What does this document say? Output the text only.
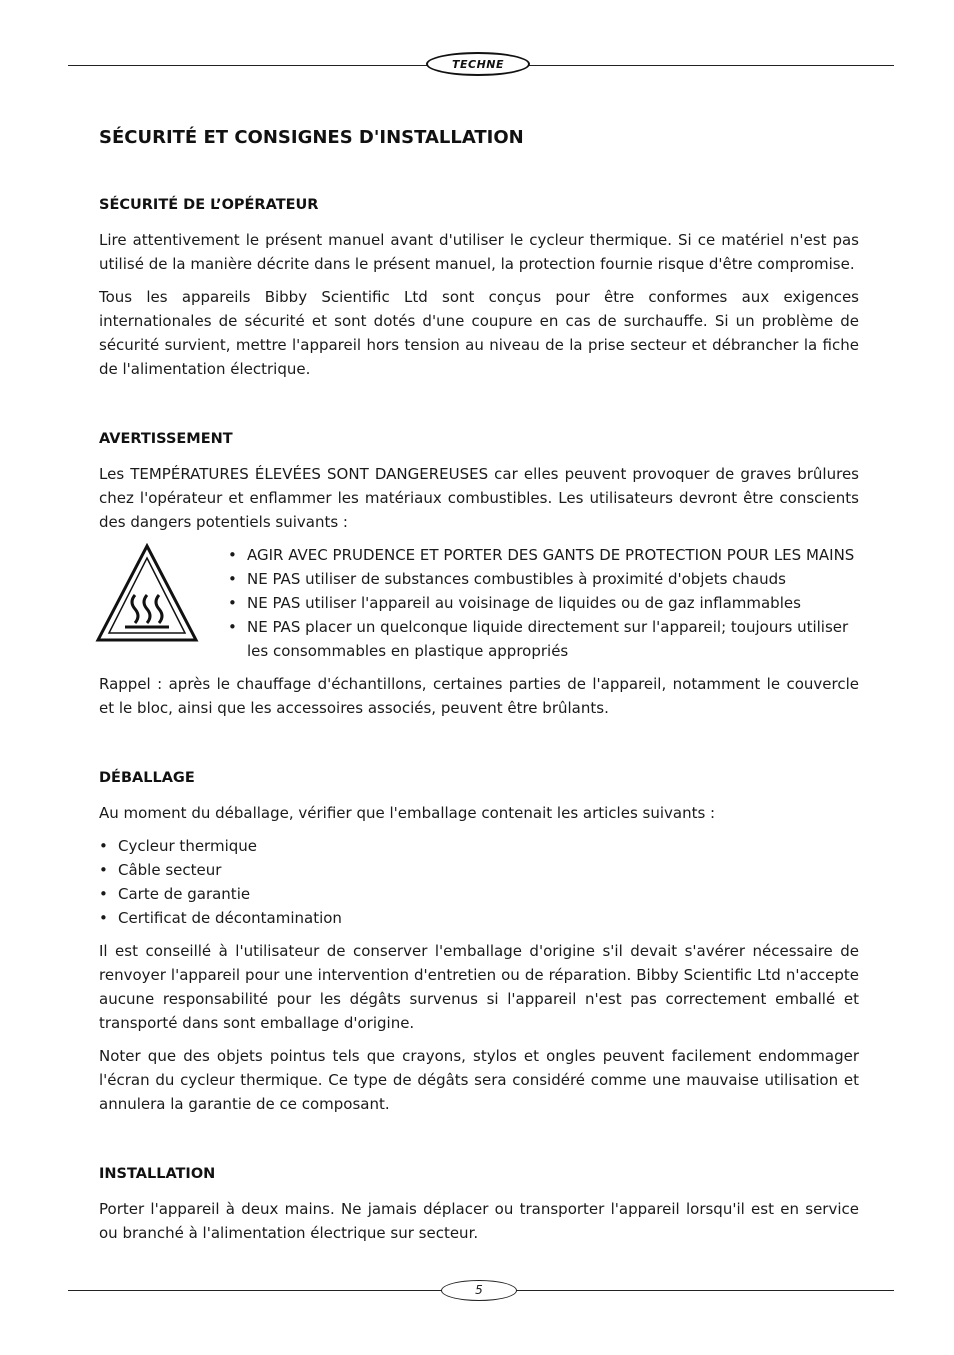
TECHNE
SÉCURITÉ ET CONSIGNES D'INSTALLATION
SÉCURITÉ DE L’OPÉRATEUR

Lire attentivement le présent manuel avant d'utiliser le cycleur thermique. Si ce matériel n'est pas utilisé de la manière décrite dans le présent manuel, la protection fournie risque d'être compromise.

Tous les appareils Bibby Scientific Ltd sont conçus pour être conformes aux exigences internationales de sécurité et sont dotés d'une coupure en cas de surchauffe. Si un problème de sécurité survient, mettre l'appareil hors tension au niveau de la prise secteur et débrancher la fiche de l'alimentation électrique.

AVERTISSEMENT

Les TEMPÉRATURES ÉLEVÉES SONT DANGEREUSES car elles peuvent provoquer de graves brûlures chez l'opérateur et enflammer les matériaux combustibles. Les utilisateurs devront être conscients des dangers potentiels suivants :

• AGIR AVEC PRUDENCE ET PORTER DES GANTS DE PROTECTION POUR LES MAINS
• NE PAS utiliser de substances combustibles à proximité d'objets chauds
• NE PAS utiliser l'appareil au voisinage de liquides ou de gaz inflammables
• NE PAS placer un quelconque liquide directement sur l'appareil; toujours utiliser les consommables en plastique appropriés

Rappel : après le chauffage d'échantillons, certaines parties de l'appareil, notamment le couvercle et le bloc, ainsi que les accessoires associés, peuvent être brûlants.

DÉBALLAGE

Au moment du déballage, vérifier que l'emballage contenait les articles suivants :

• Cycleur thermique
• Câble secteur
• Carte de garantie
• Certificat de décontamination

Il est conseillé à l'utilisateur de conserver l'emballage d'origine s'il devait s'avérer nécessaire de renvoyer l'appareil pour une intervention d'entretien ou de réparation. Bibby Scientific Ltd n'accepte aucune responsabilité pour les dégâts survenus si l'appareil n'est pas correctement emballé et transporté dans sont emballage d'origine.

Noter que des objets pointus tels que crayons, stylos et ongles peuvent facilement endommager l'écran du cycleur thermique. Ce type de dégâts sera considéré comme une mauvaise utilisation et annulera la garantie de ce composant.

INSTALLATION

Porter l'appareil à deux mains. Ne jamais déplacer ou transporter l'appareil lorsqu'il est en service ou branché à l'alimentation électrique sur secteur.

5
